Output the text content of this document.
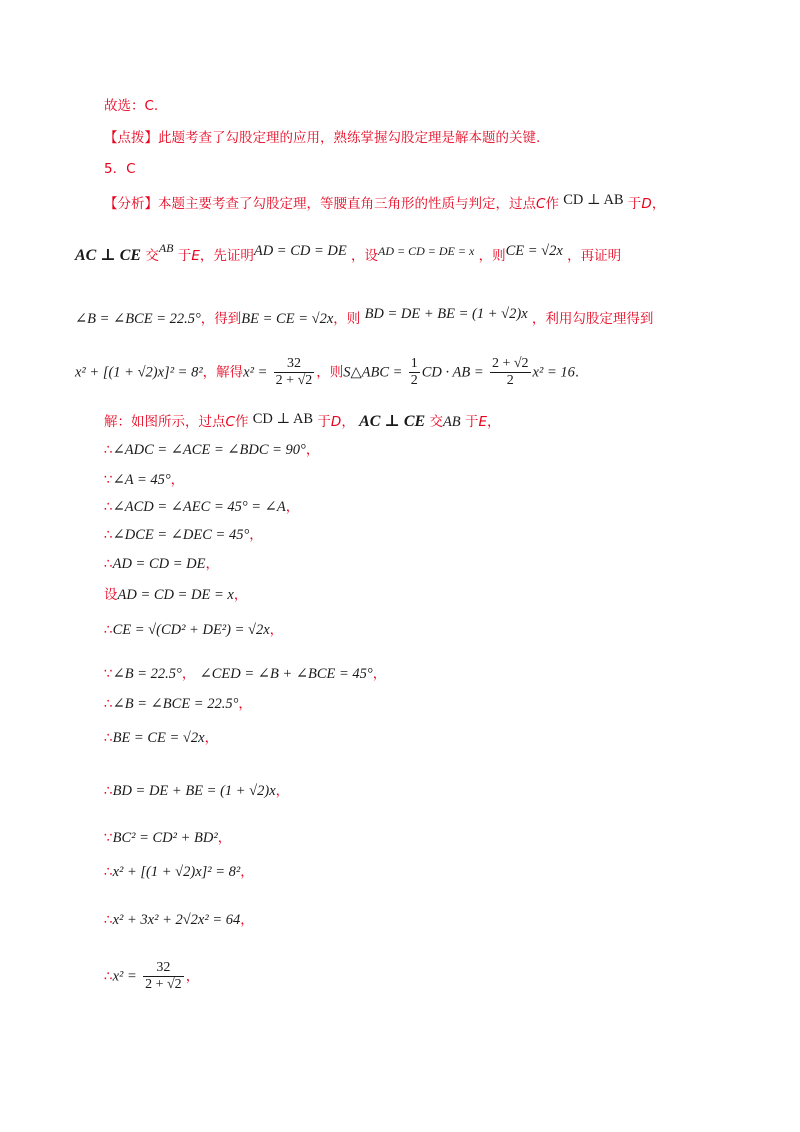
故选：C.
【点拨】此题考查了勾股定理的应用，熟练掌握勾股定理是解本题的关键.
5．C
【分析】本题主要考查了勾股定理，等腰直角三角形的性质与判定，过点C作 CD ⊥ AB 于D，
AC ⊥ CE 交AB 于E，先证明AD = CD = DE ，设AD = CD = DE = x ，则CE = √2x ，再证明
∠B = ∠BCE = 22.5°，得到BE = CE = √2x，则 BD = DE + BE = (1 + √2)x ，利用勾股定理得到
x² + [(1 + √2)x]² = 8²，解得$x^2 = \frac{32}{2 + √2}$ ，则S△ABC = $\frac{1}{2}$ CD · AB = $\frac{2 + √2}{2} x^2 = 16$.
解：如图所示，过点C作 CD ⊥ AB 于D， AC ⊥ CE 交AB 于E，
∴∠ADC = ∠ACE = ∠BDC = 90°，
∵∠A = 45°，
∴∠ACD = ∠AEC = 45° = ∠A，
∴∠DCE = ∠DEC = 45°，
∴AD = CD = DE，
设AD = CD = DE = x，
∴CE = √(CD² + DE²) = √2x，
∵∠B = 22.5°， ∠CED = ∠B + ∠BCE = 45°，
∴∠B = ∠BCE = 22.5°，
∴BE = CE = √2x，
∴BD = DE + BE = (1 + √2)x，
∵BC² = CD² + BD²，
∴x² + [(1 + √2)x]² = 8²，
∴x² + 3x² + 2√2x² = 64，
∴x² = $\frac{32}{2 + √2}$ ，
